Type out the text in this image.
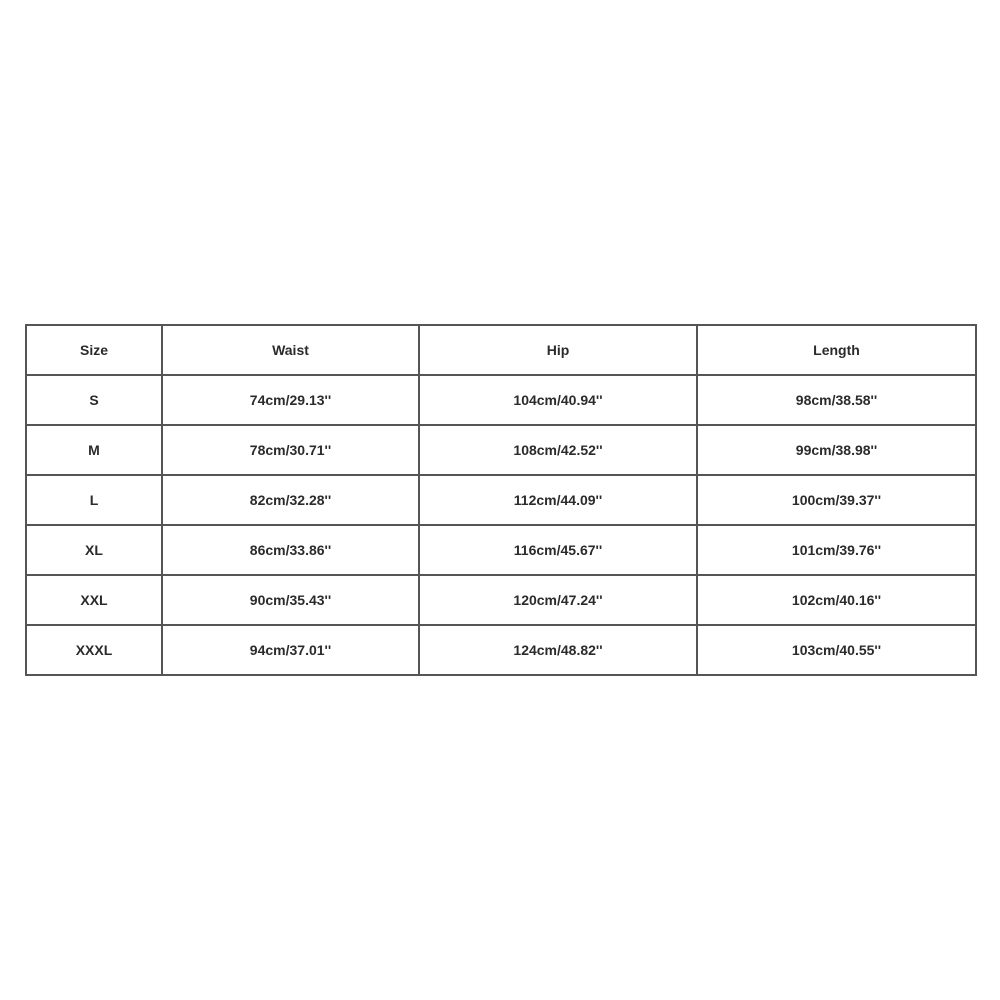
Size	Waist	Hip	Length
S	74cm/29.13''	104cm/40.94''	98cm/38.58''
M	78cm/30.71''	108cm/42.52''	99cm/38.98''
L	82cm/32.28''	112cm/44.09''	100cm/39.37''
XL	86cm/33.86''	116cm/45.67''	101cm/39.76''
XXL	90cm/35.43''	120cm/47.24''	102cm/40.16''
XXXL	94cm/37.01''	124cm/48.82''	103cm/40.55''
